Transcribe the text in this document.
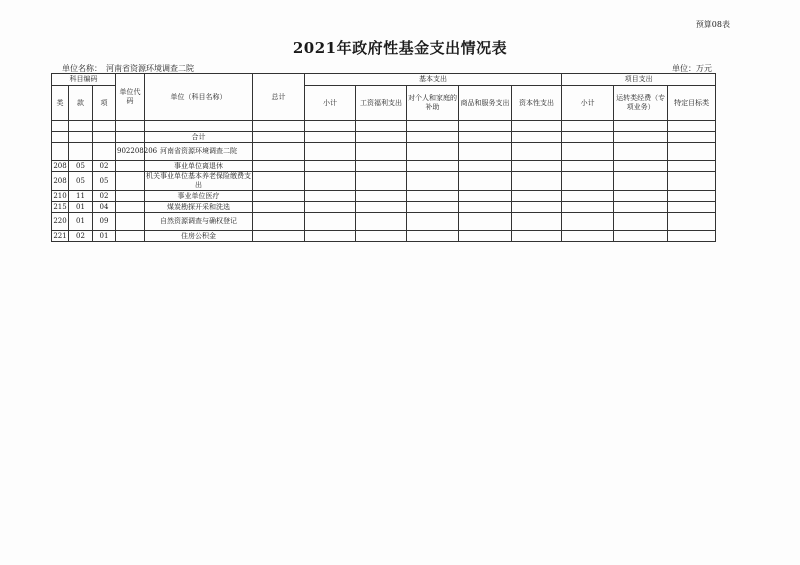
预算08表
2021年政府性基金支出情况表
单位名称： 河南省资源环境调查二院	单位：万元
科目编码			单位代码	单位（科目名称）	总计	基本支出					项目支出		
类	款	项				小计	工资福利支出	对个人和家庭的补助	商品和服务支出	资本性支出	小计	运转类经费（专项业务）	特定目标类

				合计									
			902208206	河南省资源环境调查二院									
208	05	02		事业单位离退休									
208	05	05		机关事业单位基本养老保险缴费支出									
210	11	02		事业单位医疗									
215	01	04		煤炭勘探开采和洗选									
220	01	09		自然资源调查与确权登记									
221	02	01		住房公积金									
